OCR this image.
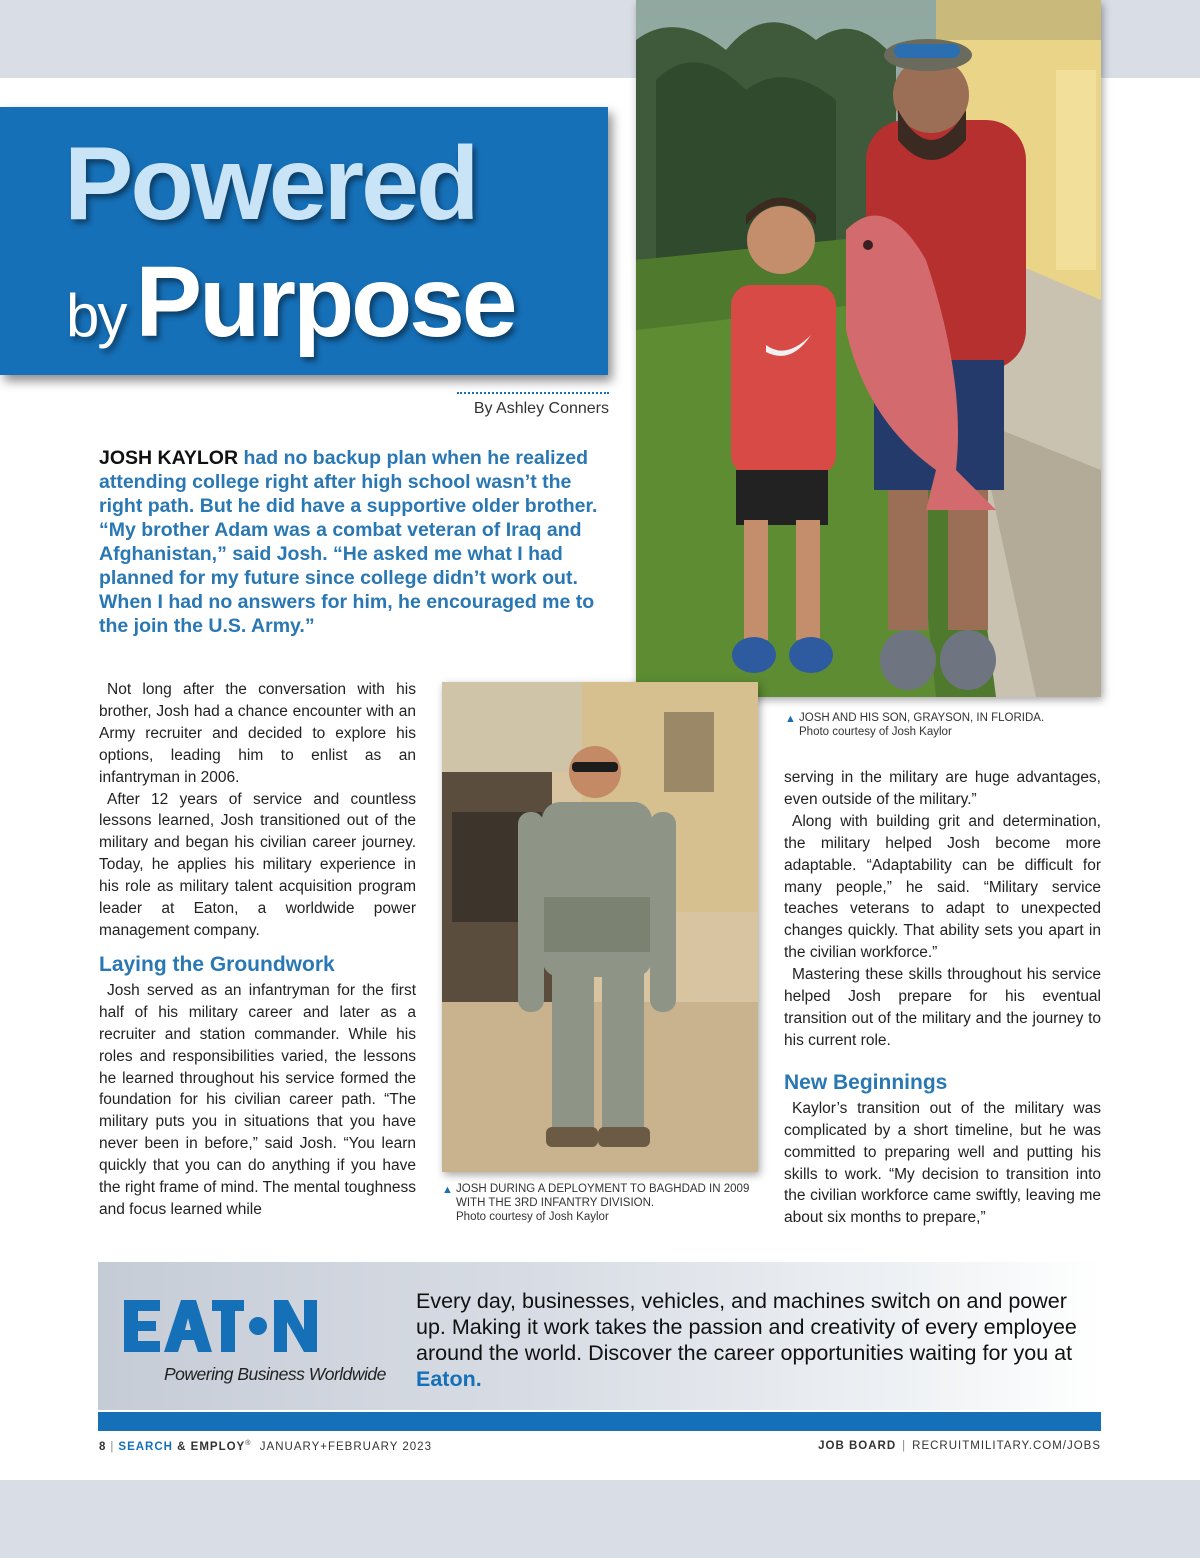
Powered
by Purpose
By Ashley Conners
JOSH KAYLOR had no backup plan when he realized attending college right after high school wasn’t the right path. But he did have a supportive older brother. “My brother Adam was a combat veteran of Iraq and Afghanistan,” said Josh. “He asked me what I had planned for my future since college didn’t work out. When I had no answers for him, he encouraged me to the join the U.S. Army.”

Not long after the conversation with his brother, Josh had a chance encounter with an Army recruiter and decided to explore his options, leading him to enlist as an infantryman in 2006.

After 12 years of service and countless lessons learned, Josh transitioned out of the military and began his civilian career journey. Today, he applies his military experience in his role as military talent acquisition program leader at Eaton, a worldwide power management company.

Laying the Groundwork

Josh served as an infantryman for the first half of his military career and later as a recruiter and station commander. While his roles and responsibilities varied, the lessons he learned throughout his service formed the foundation for his civilian career path. “The military puts you in situations that you have never been in before,” said Josh. “You learn quickly that you can do anything if you have the right frame of mind. The mental toughness and focus learned while

▲ JOSH DURING A DEPLOYMENT TO BAGHDAD IN 2009
WITH THE 3RD INFANTRY DIVISION.
Photo courtesy of Josh Kaylor
▲ JOSH AND HIS SON, GRAYSON, IN FLORIDA.
Photo courtesy of Josh Kaylor

serving in the military are huge advantages, even outside of the military.”

Along with building grit and determination, the military helped Josh become more adaptable. “Adaptability can be difficult for many people,” he said. “Military service teaches veterans to adapt to unexpected changes quickly. That ability sets you apart in the civilian workforce.”

Mastering these skills throughout his service helped Josh prepare for his eventual transition out of the military and the journey to his current role.

New Beginnings

Kaylor’s transition out of the military was complicated by a short timeline, but he was committed to preparing well and putting his skills to work. “My decision to transition into the civilian workforce came swiftly, leaving me about six months to prepare,”

Powering Business Worldwide
Every day, businesses, vehicles, and machines switch on and power up. Making it work takes the passion and creativity of every employee around the world. Discover the career opportunities waiting for you at Eaton.
8 | SEARCH & EMPLOY® JANUARY+FEBRUARY 2023	JOB BOARD | RECRUITMILITARY.COM/JOBS
